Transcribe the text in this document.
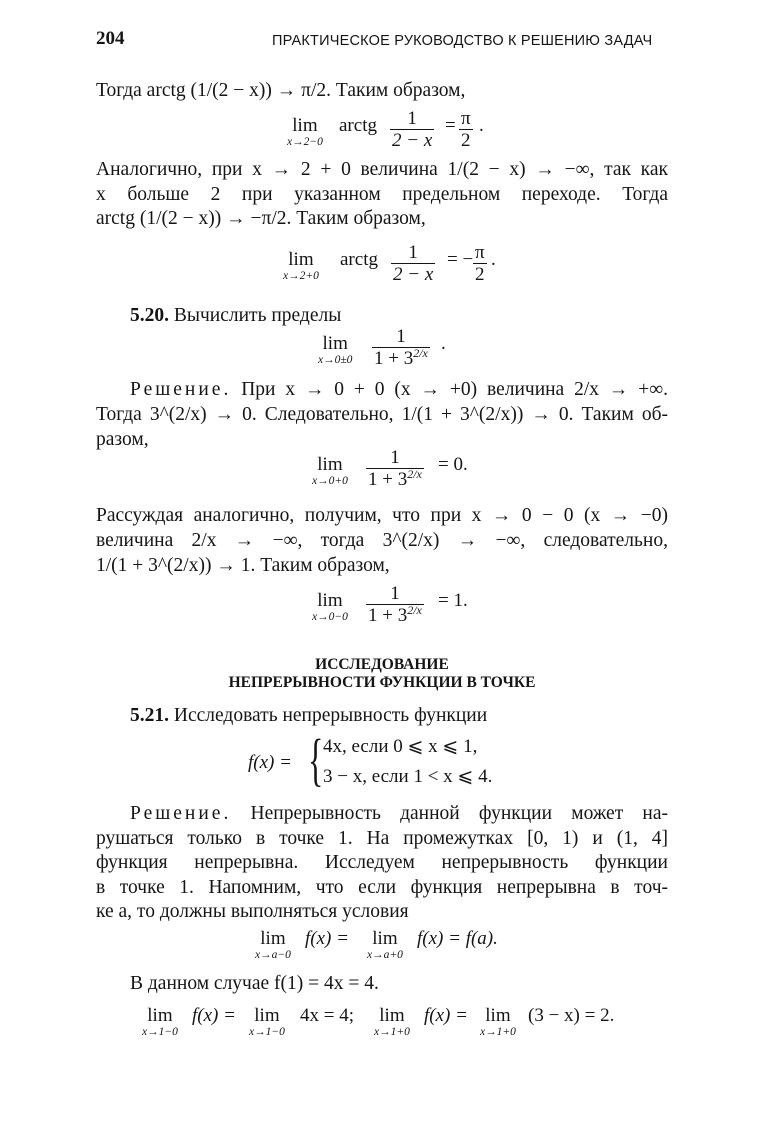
204	ПРАКТИЧЕСКОЕ РУКОВОДСТВО К РЕШЕНИЮ ЗАДАЧ
Тогда arctg (1/(2 − x)) → π/2. Таким образом,
lim
x→2−0
arctg	1
2 − x
= π
2
.
Аналогично, при x → 2 + 0 величина 1/(2 − x) → −∞, так как
x больше 2 при указанном предельном переходе. Тогда
arctg (1/(2 − x)) → −π/2. Таким образом,
lim
x→2+0
arctg	1
2 − x
= − π
2
.
5.20. Вычислить пределы
lim
x→0±0
1
$1 + 3^{2/x}$ .
Решение. При x → 0 + 0 (x → +0) величина 2/x → +∞.
Тогда 3^(2/x) → 0. Следовательно, 1/(1 + 3^(2/x)) → 0. Таким об-
разом,
lim
x→0+0
1
$1 + 3^{2/x} = 0$.
Рассуждая аналогично, получим, что при x → 0 − 0 (x → −0)
величина 2/x → −∞, тогда 3^(2/x) → −∞, следовательно,
1/(1 + 3^(2/x)) → 1. Таким образом,
lim
x→0−0
1
$1 + 3^{2/x} = 1$.
ИССЛЕДОВАНИЕ
НЕПРЕРЫВНОСТИ ФУНКЦИИ В ТОЧКЕ
5.21. Исследовать непрерывность функции
f(x) = { 4x, если 0 ⩽ x ⩽ 1,
3 − x, если 1 < x ⩽ 4.
Решение. Непрерывность данной функции может на-
рушаться только в точке 1. На промежутках [0, 1) и (1, 4]
функция непрерывна. Исследуем непрерывность функции
в точке 1. Напомним, что если функция непрерывна в точ-
ке a, то должны выполняться условия
lim
x→a−0
f(x) = lim
x→a+0
f(x) = f(a).
В данном случае f(1) = 4x = 4.
lim
x→1−0
f(x) = lim
x→1−0
4x = 4; lim
x→1+0
f(x) = lim
x→1+0
(3 − x) = 2.
